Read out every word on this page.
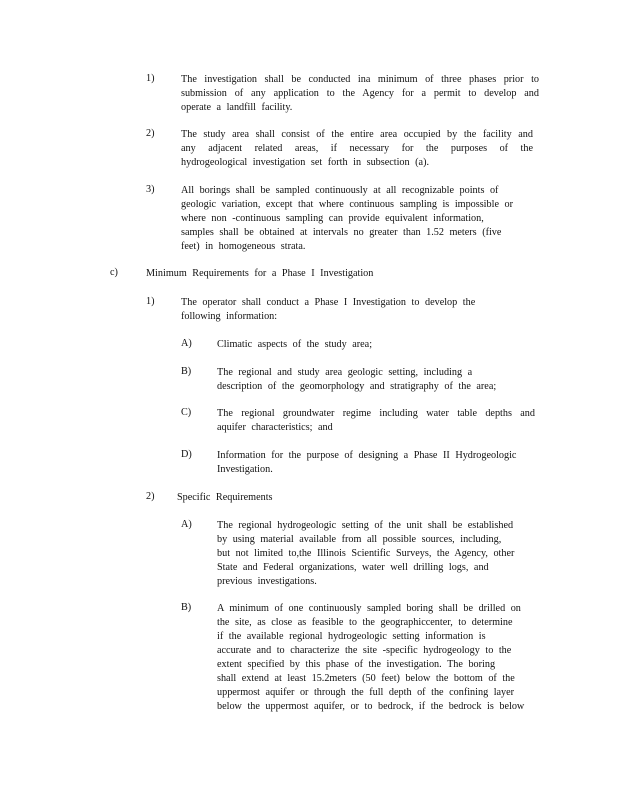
1)	The investigation shall be conducted ina minimum of three phases prior to
submission of any application to the Agency for a permit to develop and
operate a landfill facility.
2)	The study area shall consist of the entire area occupied by the facility and
any adjacent related areas, if necessary for the purposes of the
hydrogeological investigation set forth in subsection (a).
3)	All borings shall be sampled continuously at all recognizable points of
geologic variation, except that where continuous sampling is impossible or
where non -continuous sampling can provide equivalent information,
samples shall be obtained at intervals no greater than 1.52 meters (five
feet) in homogeneous strata.
c)	Minimum Requirements for a Phase I Investigation
1)	The operator shall conduct a Phase I Investigation to develop the
following information:
A) Climatic aspects of the study area;
B)	The regional and study area geologic setting, including a
description of the geomorphology and stratigraphy of the area;
C)	The regional groundwater regime including water table depths and
aquifer characteristics; and
D) Information for the purpose of designing a Phase II Hydrogeologic
Investigation.
2) Specific Requirements
A) The regional hydrogeologic setting of the unit shall be established
by using material available from all possible sources, including,
but not limited to,the Illinois Scientific Surveys, the Agency, other
State and Federal organizations, water well drilling logs, and
previous investigations.
B)	A minimum of one continuously sampled boring shall be drilled on
the site, as close as feasible to the geographiccenter, to determine
if the available regional hydrogeologic setting information is
accurate and to characterize the site -specific hydrogeology to the
extent specified by this phase of the investigation. The boring
shall extend at least 15.2meters (50 feet) below the bottom of the
uppermost aquifer or through the full depth of the confining layer
below the uppermost aquifer, or to bedrock, if the bedrock is below
